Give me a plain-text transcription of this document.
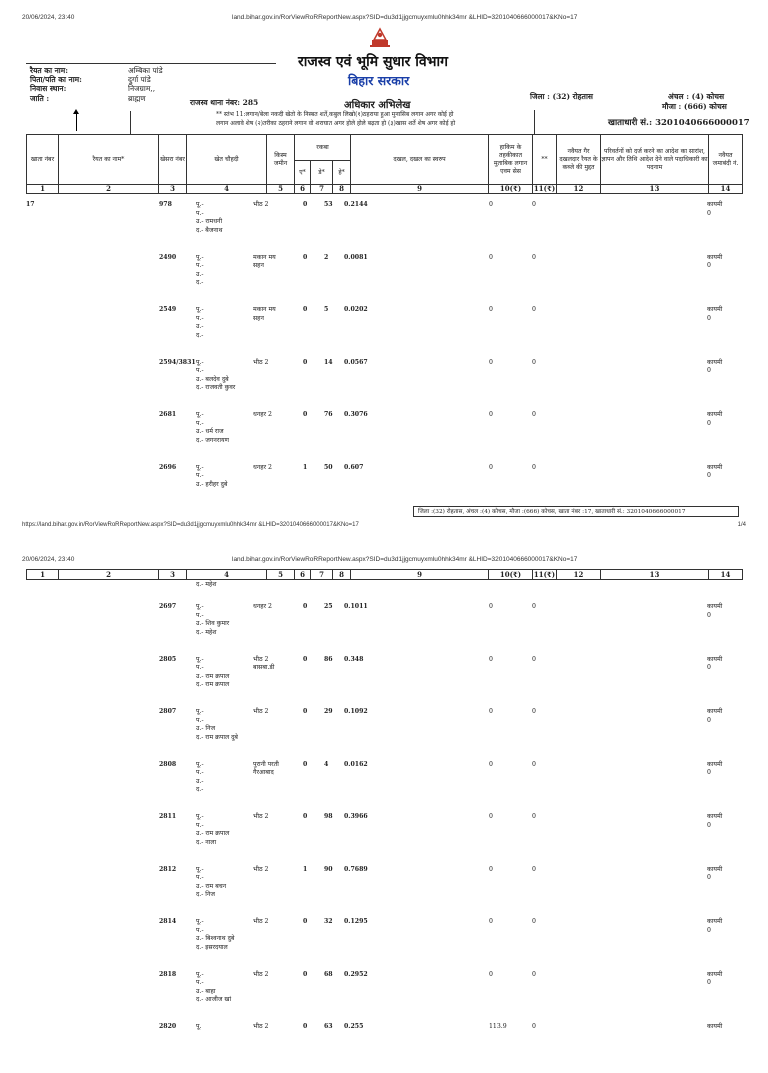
20/06/2024, 23:40	land.bihar.gov.in/RorViewRoRReportNew.aspx?SID=du3d1jjgcmuyxmlu0hhk34mr &LHID=3201040666000017&KNo=17
राजस्व एवं भूमि सुधार विभाग
बिहार सरकार
अधिकार अभिलेख
रैयत का नाम:	अम्बिका पांडे
पिता/पति का नाम:	दुर्गा पांडे
निवास स्थान:	निजग्राम,,
जाति :	ब्राह्मण	राजस्व थाना नंबर: 285
जिला : (32) रोहतास	अंचल : (4) कोचस
मौजा : (666) कोचस
खाताधारी सं.: 3201040666000017
** स्तंभ 11:लगान/बेला नकदी खेतो के निस्बत शर्ते,कबुल लिखो(१)ठहराया हुआ मुनासिब लगान अगर कोई हो
लगान अलावे शेष (२)तरीका ठहराने लगान वो शराघात अगर होले होले बढ़ता हो (३)खास शर्ते शेष अगर कोई हो
खाता नंबर	रैयत का नाम*	खेसरा नंबर	खेत चौहदी	किस्म जमीन	रकबा			दखल, दखल का स्वरुप	हाकिम के तहकीकात मुताबिक लगान एवम सेस	**	नवैयत गैर दखलदार रैयत के कब्जे की मुद्दत	परिवर्तनों को दर्ज करने का आदेश का सारांश, ज्ञापन और तिथि आदेश देने वाले पदाधिकारी का पदनाम	नवैयत जमाबंदी नं.
					ए*	डे*	हे*						
1	2	3	4	5	6	7	8	9	10(₹)	11(₹)	12	13	14
17	978	पू.-
प.-
उ.- रामधनी
द.- बैजनाथ
भीठ 2	0	53 0.2144	0	0	कायमी
0
2490	पू.-
प.-
उ.-
द.-
मकान मय
सहन
0	2	0.0081	0	0	कायमी
0
2549	पू.-
प.-
उ.-
द.-
मकान मय
सहन
0	5	0.0202	0	0	कायमी
0
2594/3831 पू.-
प.-
उ.- बलदेव दुबे
द.- राजवती कुवर
भीठ 2	0	14 0.0567	0	0	कायमी
0
2681	पू.-
प.-
उ.- धर्म राज
द.- जगनरायण
धनहर 2	0	76 0.3076	0	0	कायमी
0
2696	पू.-
प.-
उ.- हरीहर दुबे
धनहर 2	1	50 0.607	0	0	कायमी
0
जिला :(32) रोहतास, अंचल :(4) कोचस, मौजा :(666) कोचस, खाता नंबर :17, खाताधारी सं.: 3201040666000017
https://land.bihar.gov.in/RorViewRoRReportNew.aspx?SID=du3d1jjgcmuyxmlu0hhk34mr &LHID=3201040666000017&KNo=17	1/4
20/06/2024, 23:40	land.bihar.gov.in/RorViewRoRReportNew.aspx?SID=du3d1jjgcmuyxmlu0hhk34mr &LHID=3201040666000017&KNo=17
1	2	3	4	5	6	7	8	9	10(₹)	11(₹)	12	13	14
द.- महेश
2697	पू.-
प.-
उ.- शिव कुमार
द.- महेश
धनहर 2	0	25 0.1011	0	0	कायमी
0
2805	पू.-
प.-
उ.- राम क्रपाल
द.- राम क्रपाल
भीठ 2
बासबा.डी
0	86 0.348	0	0	कायमी
0
2807	पू.-
प.-
उ.- निज
द.- राम क्रपाल दुबे
भीठ 2	0	29 0.1092	0	0	कायमी
0
2808	पू.-
प.-
उ.-
द.-
पुरानी परती
गैरआबाद
0	4	0.0162	0	0	कायमी
0
2811	पू.-
प.-
उ.- राम क्रपाल
द.- नाला
भीठ 2	0	98 0.3966	0	0	कायमी
0
2812	पू.-
प.-
उ.- राम बचन
द.- निज
भीठ 2	1	90 0.7689	0	0	कायमी
0
2814	पू.-
प.-
उ.- बिश्वनाथ दुबे
द.- इसरदयाल
भीठ 2	0	32 0.1295	0	0	कायमी
0
2818	पू.-
प.-
उ.- बाहा
द.- आजीज खां
भीठ 2	0	68 0.2952	0	0	कायमी
0
2820	पू.	भीठ 2	0	63 0.255	113.9	0	कायमी
